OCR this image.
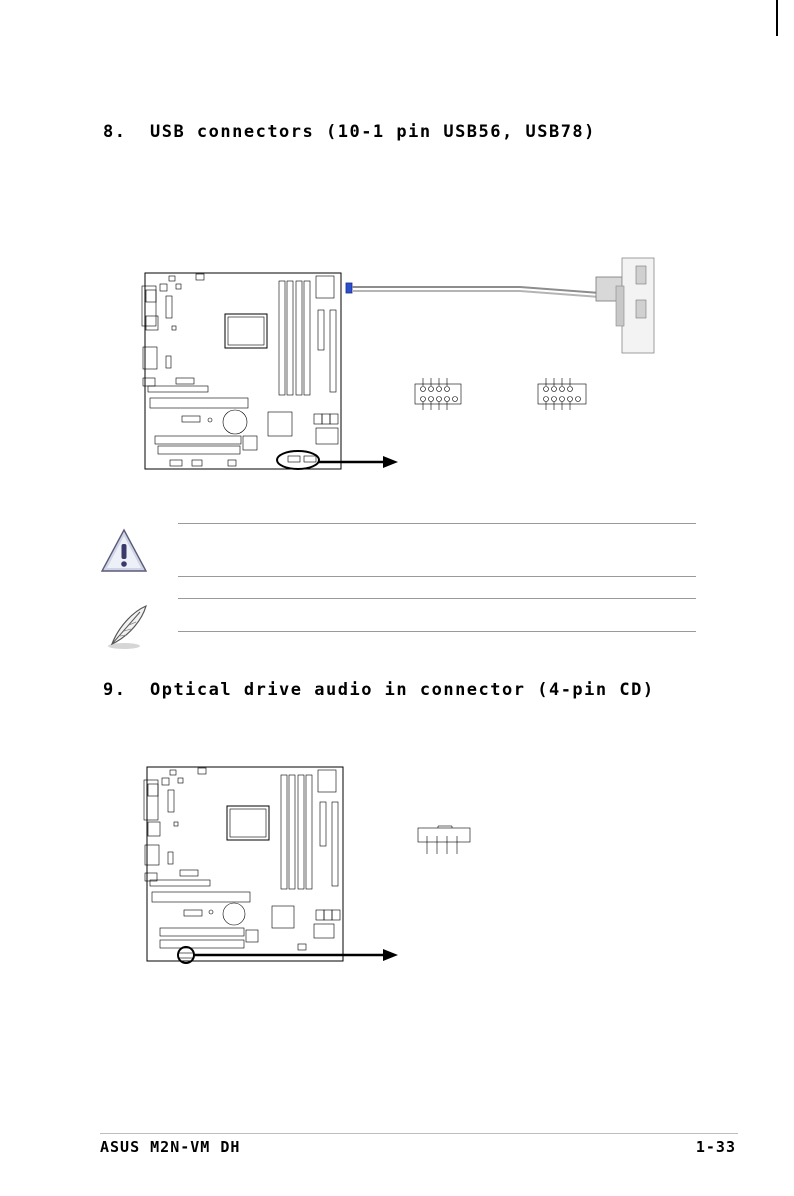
8. USB connectors (10-1 pin USB56, USB78)
9. Optical drive audio in connector (4-pin CD)
ASUS M2N-VM DH	1-33
